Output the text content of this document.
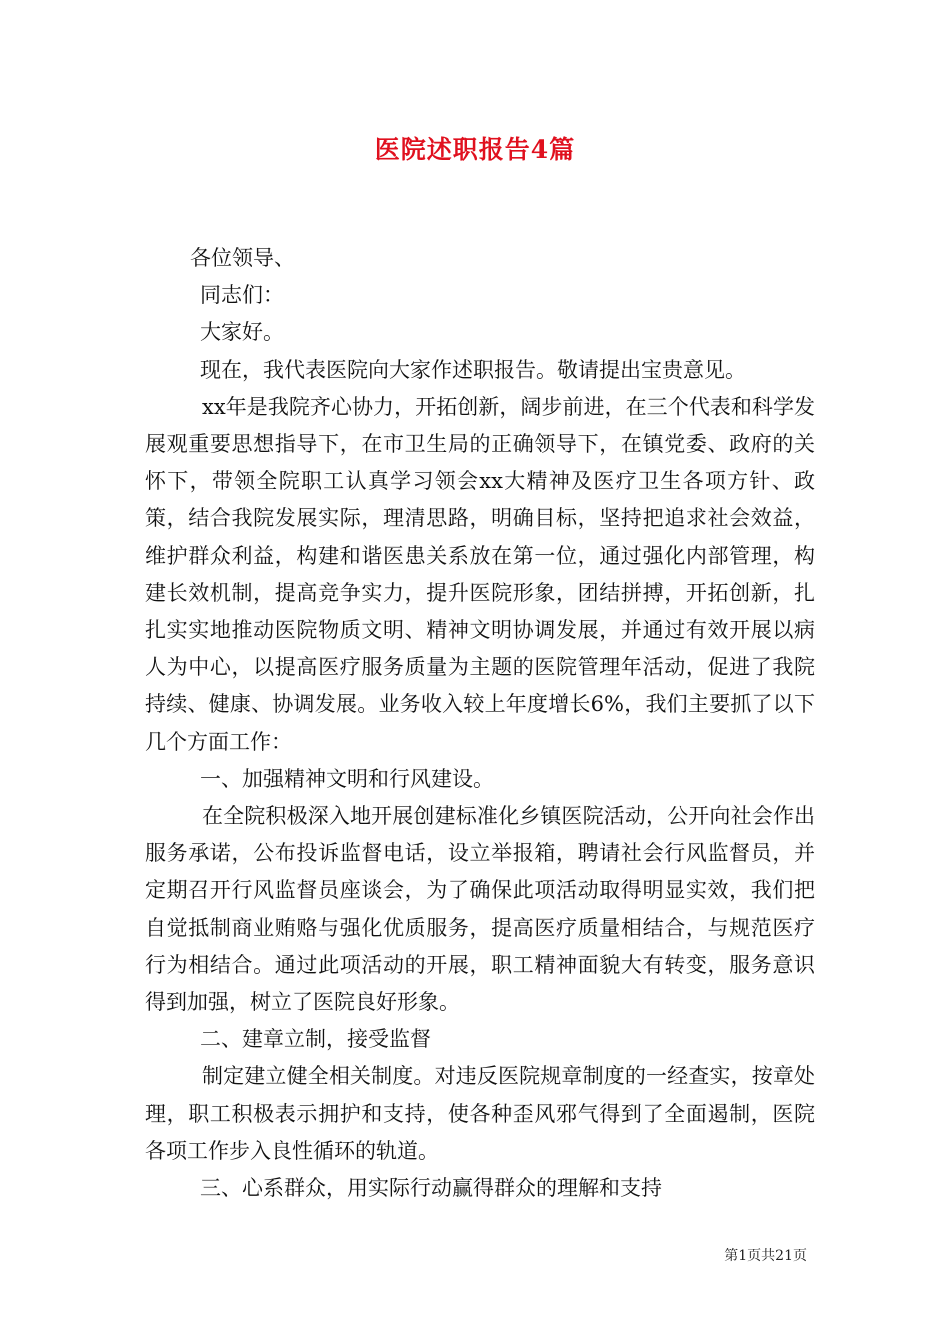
医院述职报告4篇

各位领导、

同志们：

大家好。

现在，我代表医院向大家作述职报告。敬请提出宝贵意见。

xx年是我院齐心协力，开拓创新，阔步前进，在三个代表和科学发展观重要思想指导下，在市卫生局的正确领导下，在镇党委、政府的关怀下，带领全院职工认真学习领会xx大精神及医疗卫生各项方针、政策，结合我院发展实际，理清思路，明确目标，坚持把追求社会效益，维护群众利益，构建和谐医患关系放在第一位，通过强化内部管理，构建长效机制，提高竞争实力，提升医院形象，团结拼搏，开拓创新，扎扎实实地推动医院物质文明、精神文明协调发展，并通过有效开展以病人为中心，以提高医疗服务质量为主题的医院管理年活动，促进了我院持续、健康、协调发展。业务收入较上年度增长6%，我们主要抓了以下几个方面工作：

一、加强精神文明和行风建设。

在全院积极深入地开展创建标准化乡镇医院活动，公开向社会作出服务承诺，公布投诉监督电话，设立举报箱，聘请社会行风监督员，并定期召开行风监督员座谈会，为了确保此项活动取得明显实效，我们把自觉抵制商业贿赂与强化优质服务，提高医疗质量相结合，与规范医疗行为相结合。通过此项活动的开展，职工精神面貌大有转变，服务意识得到加强，树立了医院良好形象。

二、建章立制，接受监督

制定建立健全相关制度。对违反医院规章制度的一经查实，按章处理，职工积极表示拥护和支持，使各种歪风邪气得到了全面遏制，医院各项工作步入良性循环的轨道。

三、心系群众，用实际行动赢得群众的理解和支持

第1页共21页
